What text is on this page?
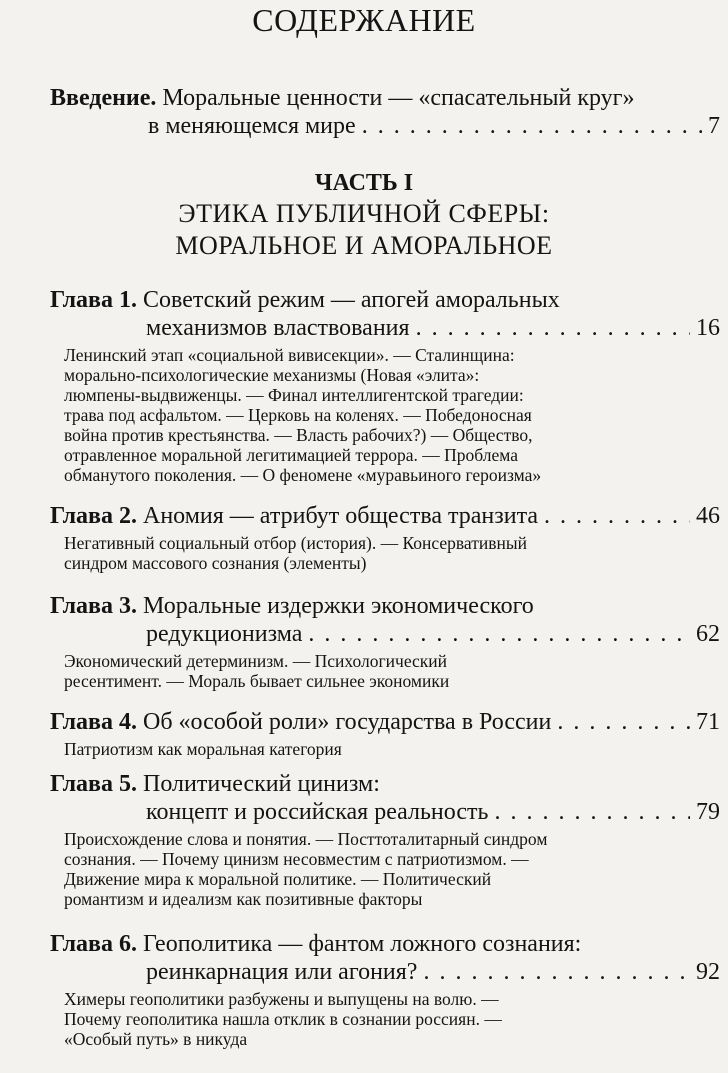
СОДЕРЖАНИЕ
Введение. Моральные ценности — «спасательный круг»
в меняющемся мире . . .	7
ЧАСТЬ I
ЭТИКА ПУБЛИЧНОЙ СФЕРЫ:
МОРАЛЬНОЕ И АМОРАЛЬНОЕ
Глава 1. Советский режим — апогей аморальных
механизмов властвования . . .	16
Ленинский этап «социальной вивисекции». — Сталинщина:
морально-психологические механизмы (Новая «элита»:
люмпены-выдвиженцы. — Финал интеллигентской трагедии:
трава под асфальтом. — Церковь на коленях. — Победоносная
война против крестьянства. — Власть рабочих?) — Общество,
отравленное моральной легитимацией террора. — Проблема
обманутого поколения. — О феномене «муравьиного героизма»
Глава 2. Аномия — атрибут общества транзита . . .	46
Негативный социальный отбор (история). — Консервативный
синдром массового сознания (элементы)
Глава 3. Моральные издержки экономического
редукционизма . . .	62
Экономический детерминизм. — Психологический
ресентимент. — Мораль бывает сильнее экономики
Глава 4. Об «особой роли» государства в России . . .	71
Патриотизм как моральная категория
Глава 5. Политический цинизм:
концепт и российская реальность . . .	79
Происхождение слова и понятия. — Посттоталитарный синдром
сознания. — Почему цинизм несовместим с патриотизмом. —
Движение мира к моральной политике. — Политический
романтизм и идеализм как позитивные факторы
Глава 6. Геополитика — фантом ложного сознания:
реинкарнация или агония? . . .	92
Химеры геополитики разбужены и выпущены на волю. —
Почему геополитика нашла отклик в сознании россиян. —
«Особый путь» в никуда
